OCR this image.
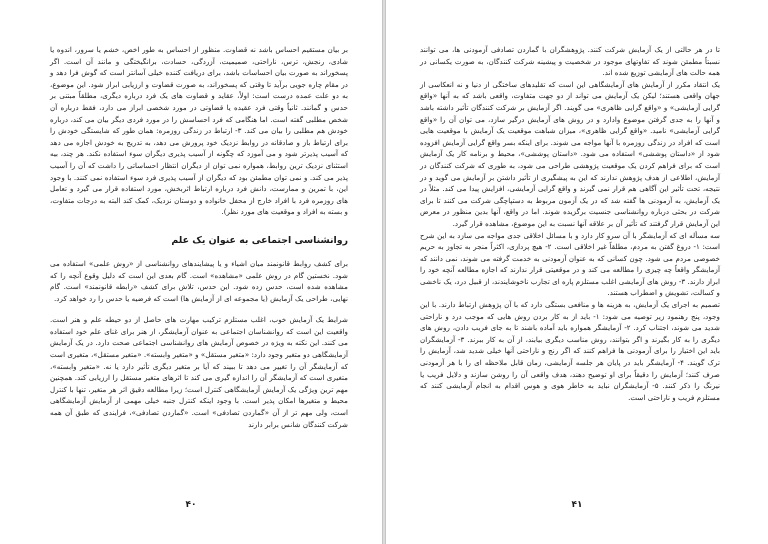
بر بیان مستقیم احساس باشد نه قضاوت. منظور از احساس به طور اخص، خشم یا سرور، اندوه یا شادی، رنجش، ترس، ناراحتی، صمیمیت، آزردگی، حسادت، برانگیختگی و مانند آن است. اگر پسخوراند به صورت بیان احساسات باشد، برای دریافت کننده خیلی آسانتر است که گوش فرا دهد و در مقام چاره جویی برآید تا وقتی که پسخوراند، به صورت قضاوت و ارزیابی ابراز شود. این موضوع، به دو علت عمده درست است: اولاً، عقاید و قضاوت های یک فرد درباره دیگری، مطلقاً مبتنی بر حدس و گمانند. ثانیاً وقتی فرد عقیده یا قضاوتی در مورد شخصی ابراز می دارد، فقط درباره آن شخص مطلبی گفته است. اما هنگامی که فرد احساسش را در مورد فردی دیگر بیان می کند، درباره خودش هم مطلبی را بیان می کند. ۳- ارتباط در زندگی روزمره: همان طور که شایستگی خودش را برای ارتباط باز و صادقانه در روابط نزدیک خود پرورش می دهد، به تدریج به خودش اجازه می دهد که آسیب پذیرتر شود و می آموزد که چگونه از آسیب پذیری دیگران سوء استفاده نکند. هر چند، بیه استثنای نزدیک ترین روابط، همواره نمی توان از دیگران انتظار احساساتی را داشت که آن را آسیب پذیر می کند. و نمی توان مطمئن بود که دیگران از آسیب پذیری فرد سوء استفاده نمی کنند. با وجود این، با تمرین و ممارست، دانش فرد درباره ارتباط اثربخش، مورد استفاده قرار می گیرد و تعامل های روزمره فرد با افراد خارج از محفل خانواده و دوستان نزدیک، کمک کند البته به درجات متفاوت، و بسته به افراد و موقعیت های مورد نظر).

روانشناسی اجتماعی به عنوان یک علم

برای کشف روابط قانونمند میان اشیاء و یا پیشایندهای روانشناسی از «روش علمی» استفاده می شود. نخستین گام در روش علمی «مشاهده» است. گام بعدی این است که دلیل وقوع آنچه را که مشاهده شده است، حدس زده شود. این حدس، تلاش برای کشف «رابطه قانونمند» است. گام نهایی، طراحی یک آزمایش (یا مجموعه ای از آزمایش ها) است که فرضیه یا حدس را رد خواهد کرد.

شرایط یک آزمایش خوب، اغلب مستلزم ترکیب مهارت های حاصل از دو حیطه علم و هنر است. واقعیت این است که روانشناسان اجتماعی به عنوان آزمایشگر، از هنر برای غنای علم خود استفاده می کنند. این نکته به ویژه در خصوص آزمایش های روانشناسی اجتماعی صحت دارد. در یک آزمایش آزمایشگاهی دو متغیر وجود دارد: «متغیر مستقل» و «متغیر وابسته». «متغیر مستقل»، متغیری است که آزمایشگر آن را تغییر می دهد تا ببیند که آیا بر متغیر دیگری تأثیر دارد یا نه. «متغیر وابسته»، متغیری است که آزمایشگر آن را اندازه گیری می کند تا اثرهای متغیر مستقل را ارزیابی کند. همچنین مهم ترین ویژگی یک آزمایش آزمایشگاهی کنترل است؛ زیرا مطالعه دقیق اثر هر متغیر، تنها با کنترل محیط و متغیرها امکان پذیر است. با وجود اینکه کنترل جنبه خیلی مهمی از آزمایش آزمایشگاهی است، ولی مهم تر از آن «گماردن تصادفی» است. «گماردن تصادفی»، فرایندی که طبق آن همه شرکت کنندگان شانس برابر دارند

۴۰

تا در هر حالتی از یک آزمایش شرکت کنند. پژوهشگران با گماردن تصادفی آزمودنی ها، می توانند نسبتاً مطمئن شوند که تفاوتهای موجود در شخصیت و پیشینه شرکت کنندگان، به صورت یکسانی در همه حالت های آزمایشی توزیع شده اند.

یک انتقاد مکرر از آزمایش های آزمایشگاهی این است که تقلیدهای ساختگی از دنیا و نه انعکاسی از جهان واقعی هستند؛ لیکن یک آزمایش می تواند از دو جهت متفاوت، واقعی باشد که به آنها «واقع گرایی آزمایشی» و «واقع گرایی ظاهری» می گویند. اگر آزمایش بر شرکت کنندگان تأثیر داشته باشد و آنها را به جدی گرفتن موضوع وادارد و در روش های آزمایش درگیر سازد، می توان آن را «واقع گرایی آزمایشی» نامید. «واقع گرایی ظاهری»، میزان شباهت موقعیت یک آزمایش با موقعیت هایی است که افراد در زندگی روزمره با آنها مواجه می شوند. برای اینکه بسر واقع گرایی آزمایش افزوده شود از «داستان پوششی» استفاده می شود. «داستان پوششی»، محیط و برنامه کار یک آزمایش است که برای فراهم کردن یک موقعیت پژوهشی طراحی می شود، به طوری که شرکت کنندگان در آزمایش، اطلاعی از هدف پژوهش ندارند که این به پیشگیری از تأثیر داشتن بر آزمایش می گوید و در نتیجه، تحت تأثیر این آگاهی هم قرار نمی گیرند و واقع گرایی آزمایشی، افزایش پیدا می کند. مثلاً در یک آزمایش، به آزمودنی ها گفته شد که در یک آزمون مربوط به دستپاچگی شرکت می کنند تا برای شرکت در بحثی درباره روانشناسی جنسیت برگزیده شوند. اما در واقع، آنها بدین منظور در معرض این آزمایش قرار گرفتند که تأثیر آن بر علاقه آنها نسبت به این موضوع، مشاهده قرار گیرد.

سه مسأله ای که آزمایشگر با آن سرو کار دارد و با مسائل اخلاقی جدی مواجه می سازد به این شرح است: ۱- دروغ گفتن به مردم، مطلقاً غیر اخلاقی است. ۲- هیچ پردازی، اکثراً منجر به تجاوز به حریم خصوصی مردم می شود. چون کسانی که به عنوان آزمودنی به خدمت گرفته می شوند، نمی دانند که آزمایشگر واقعاً چه چیزی را مطالعه می کند و در موقعیتی قرار ندارند که اجازه مطالعه آنچه خود را ابراز دارند. ۳- روش های آزمایشی اغلب مستلزم پاره ای تجارب ناخوشایندند، از قبیل درد، یک ناخشی و کسالت، تشویش و اضطراب هستند.

تصمیم به اجرای یک آزمایش، به هزینه ها و منافعی بستگی دارد که با آن پژوهش ارتباط دارند. با این وجود، پنج رهنمود زیر توصیه می شود: ۱- باید از به کار بردن روش هایی که موجب درد و ناراحتی شدید می شوند، اجتناب کرد. ۲- آزمایشگر همواره باید آماده باشند تا به جای فریب دادن، روش های دیگری را به کار بگیرند و اگر بتوانند، روش مناسب دیگری بیابند، از آن به کار ببرند. ۳- آزمایشگران باید این اختیار را برای آزمودنی ها فراهم کنند که اگر رنج و ناراحتی آنها خیلی شدید شد، آزمایش را ترک گویند. ۴- آزمایشگر باید در پایان هر جلسه آزمایشی، زمان قابل ملاحظه ای را با هر آزمودنی صرف کنند؛ آزمایش را دقیقاً برای او توضیح دهند، هدف واقعی آن را روشن سازند و دلایل فریب یا نیرنگ را ذکر کنند. ۵- آزمایشگران نباید به خاطر هوی و هوس اقدام به انجام آزمایشی کنند که مستلزم فریب و ناراحتی است.

۴۱
